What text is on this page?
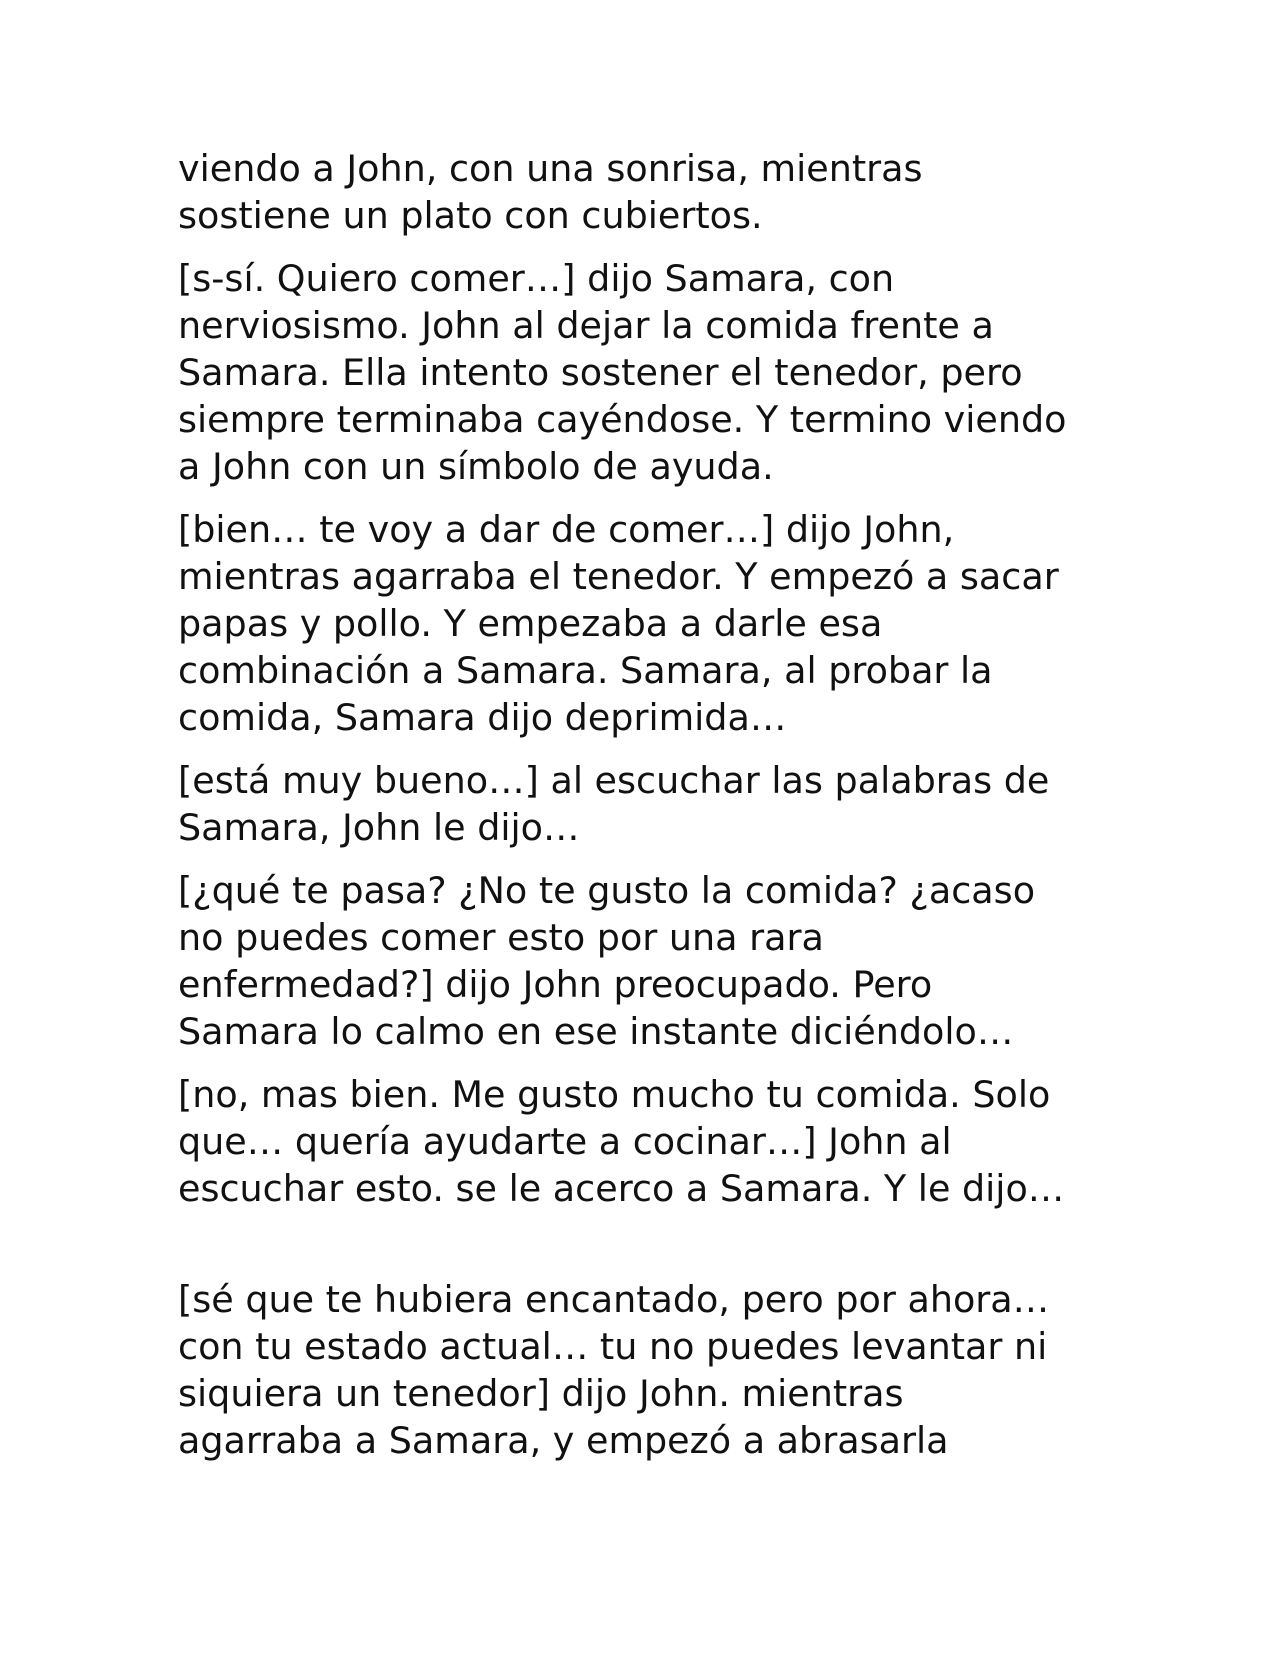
viendo a John, con una sonrisa, mientras
sostiene un plato con cubiertos.

[s-sí. Quiero comer…] dijo Samara, con
nerviosismo. John al dejar la comida frente a
Samara. Ella intento sostener el tenedor, pero
siempre terminaba cayéndose. Y termino viendo
a John con un símbolo de ayuda.

[bien… te voy a dar de comer…] dijo John,
mientras agarraba el tenedor. Y empezó a sacar
papas y pollo. Y empezaba a darle esa
combinación a Samara. Samara, al probar la
comida, Samara dijo deprimida…

[está muy bueno…] al escuchar las palabras de
Samara, John le dijo…

[¿qué te pasa? ¿No te gusto la comida? ¿acaso
no puedes comer esto por una rara
enfermedad?] dijo John preocupado. Pero
Samara lo calmo en ese instante diciéndolo…

[no, mas bien. Me gusto mucho tu comida. Solo
que… quería ayudarte a cocinar…] John al
escuchar esto. se le acerco a Samara. Y le dijo…

[sé que te hubiera encantado, pero por ahora…
con tu estado actual… tu no puedes levantar ni
siquiera un tenedor] dijo John. mientras
agarraba a Samara, y empezó a abrasarla
